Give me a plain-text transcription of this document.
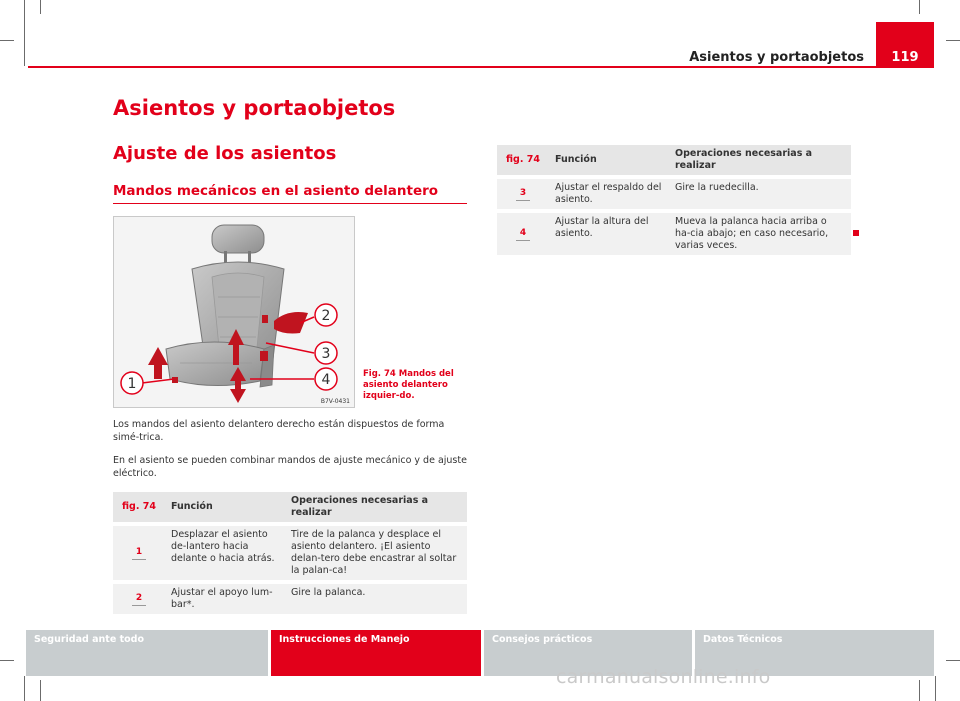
119
Asientos y portaobjetos
Asientos y portaobjetos
Ajuste de los asientos
Mandos mecánicos en el asiento delantero
1
2
3
4
B7V-0431
Fig. 74 Mandos del asiento delantero izquier-do.

Los mandos del asiento delantero derecho están dispuestos de forma simé-trica.

En el asiento se pueden combinar mandos de ajuste mecánico y de ajuste eléctrico.

fig. 74	Función	Operaciones necesarias a realizar
1	Desplazar el asiento de-lantero hacia delante o hacia atrás.	Tire de la palanca y desplace el asiento delantero. ¡El asiento delan-tero debe encastrar al soltar la palan-ca!
2	Ajustar el apoyo lum-bar*.	Gire la palanca.
fig. 74	Función	Operaciones necesarias a realizar
3	Ajustar el respaldo del asiento.	Gire la ruedecilla.
4	Ajustar la altura del asiento.	Mueva la palanca hacia arriba o ha-cia abajo; en caso necesario, varias veces.
Seguridad ante todo	Instrucciones de Manejo	Consejos prácticos	Datos Técnicos
carmanualsonline.info
